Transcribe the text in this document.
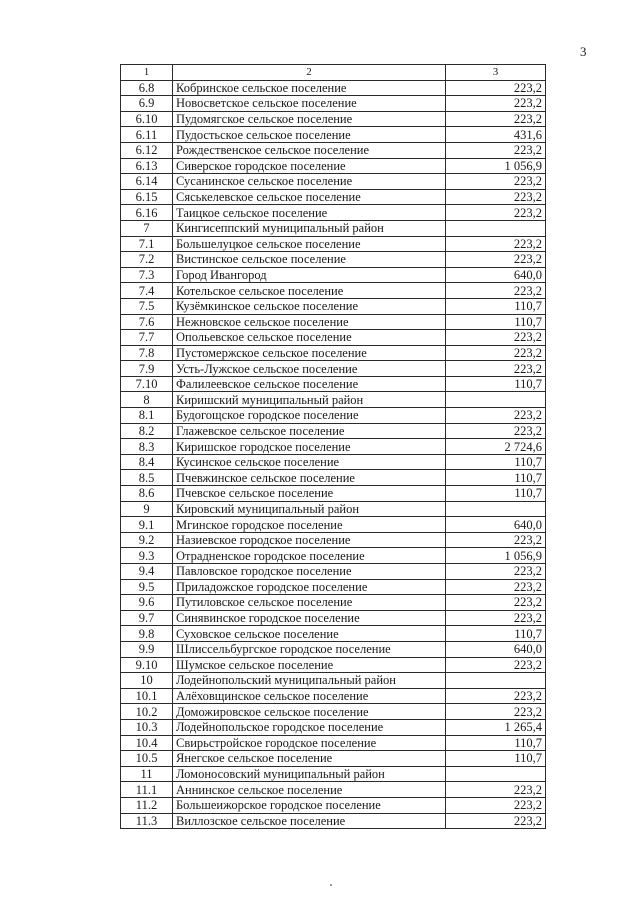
3
1	2	3
6.8	Кобринское сельское поселение	223,2
6.9	Новосветское сельское поселение	223,2
6.10	Пудомягское сельское поселение	223,2
6.11	Пудостьское сельское поселение	431,6
6.12	Рождественское сельское поселение	223,2
6.13	Сиверское городское поселение	1 056,9
6.14	Сусанинское сельское поселение	223,2
6.15	Сяськелевское сельское поселение	223,2
6.16	Таицкое сельское поселение	223,2
7	Кингисеппский муниципальный район	
7.1	Большелуцкое сельское поселение	223,2
7.2	Вистинское сельское поселение	223,2
7.3	Город Ивангород	640,0
7.4	Котельское сельское поселение	223,2
7.5	Кузёмкинское сельское поселение	110,7
7.6	Нежновское сельское поселение	110,7
7.7	Опольевское сельское поселение	223,2
7.8	Пустомержское сельское поселение	223,2
7.9	Усть-Лужское сельское поселение	223,2
7.10	Фалилеевское сельское поселение	110,7
8	Киришский муниципальный район	
8.1	Будогощское городское поселение	223,2
8.2	Глажевское сельское поселение	223,2
8.3	Киришское городское поселение	2 724,6
8.4	Кусинское сельское поселение	110,7
8.5	Пчевжинское сельское поселение	110,7
8.6	Пчевское сельское поселение	110,7
9	Кировский муниципальный район	
9.1	Мгинское городское поселение	640,0
9.2	Назиевское городское поселение	223,2
9.3	Отрадненское городское поселение	1 056,9
9.4	Павловское городское поселение	223,2
9.5	Приладожское городское поселение	223,2
9.6	Путиловское сельское поселение	223,2
9.7	Синявинское городское поселение	223,2
9.8	Суховское сельское поселение	110,7
9.9	Шлиссельбургское городское поселение	640,0
9.10	Шумское сельское поселение	223,2
10	Лодейнопольский муниципальный район	
10.1	Алёховщинское сельское поселение	223,2
10.2	Доможировское сельское поселение	223,2
10.3	Лодейнопольское городское поселение	1 265,4
10.4	Свирьстройское городское поселение	110,7
10.5	Янегское сельское поселение	110,7
11	Ломоносовский муниципальный район	
11.1	Аннинское сельское поселение	223,2
11.2	Большеижорское городское поселение	223,2
11.3	Виллозское сельское поселение	223,2
